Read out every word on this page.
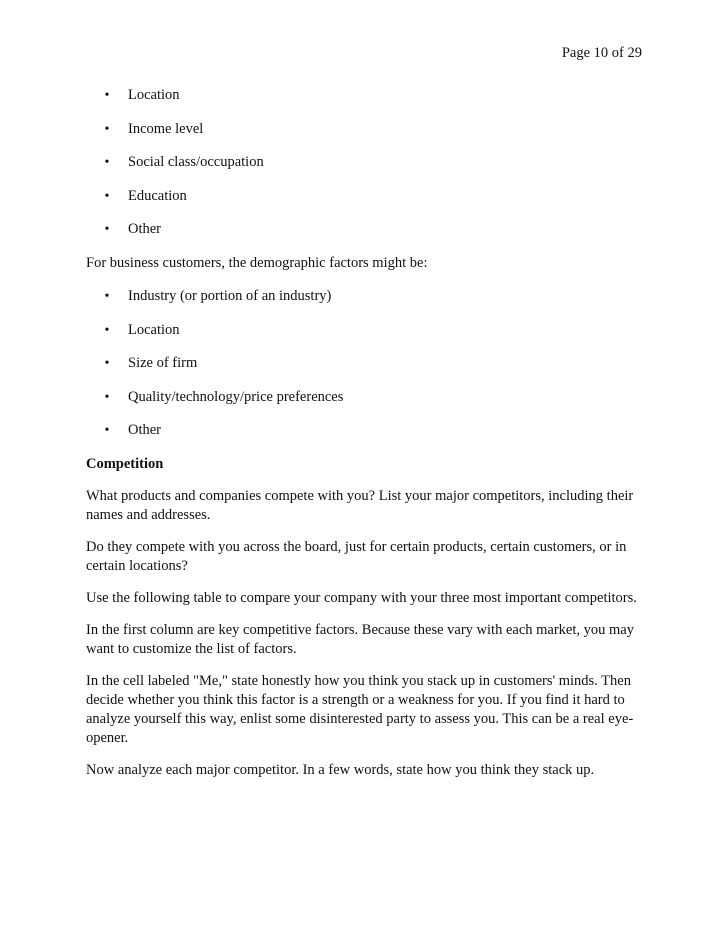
Page 10 of 29
•	Location
•	Income level
•	Social class/occupation
•	Education
•	Other

For business customers, the demographic factors might be:

•	Industry (or portion of an industry)
•	Location
•	Size of firm
•	Quality/technology/price preferences
•	Other

Competition

What products and companies compete with you? List your major competitors, including their names and addresses.

Do they compete with you across the board, just for certain products, certain customers, or in certain locations?

Use the following table to compare your company with your three most important competitors.

In the first column are key competitive factors. Because these vary with each market, you may want to customize the list of factors.

In the cell labeled "Me," state honestly how you think you stack up in customers' minds. Then decide whether you think this factor is a strength or a weakness for you. If you find it hard to analyze yourself this way, enlist some disinterested party to assess you. This can be a real eye-opener.

Now analyze each major competitor. In a few words, state how you think they stack up.
